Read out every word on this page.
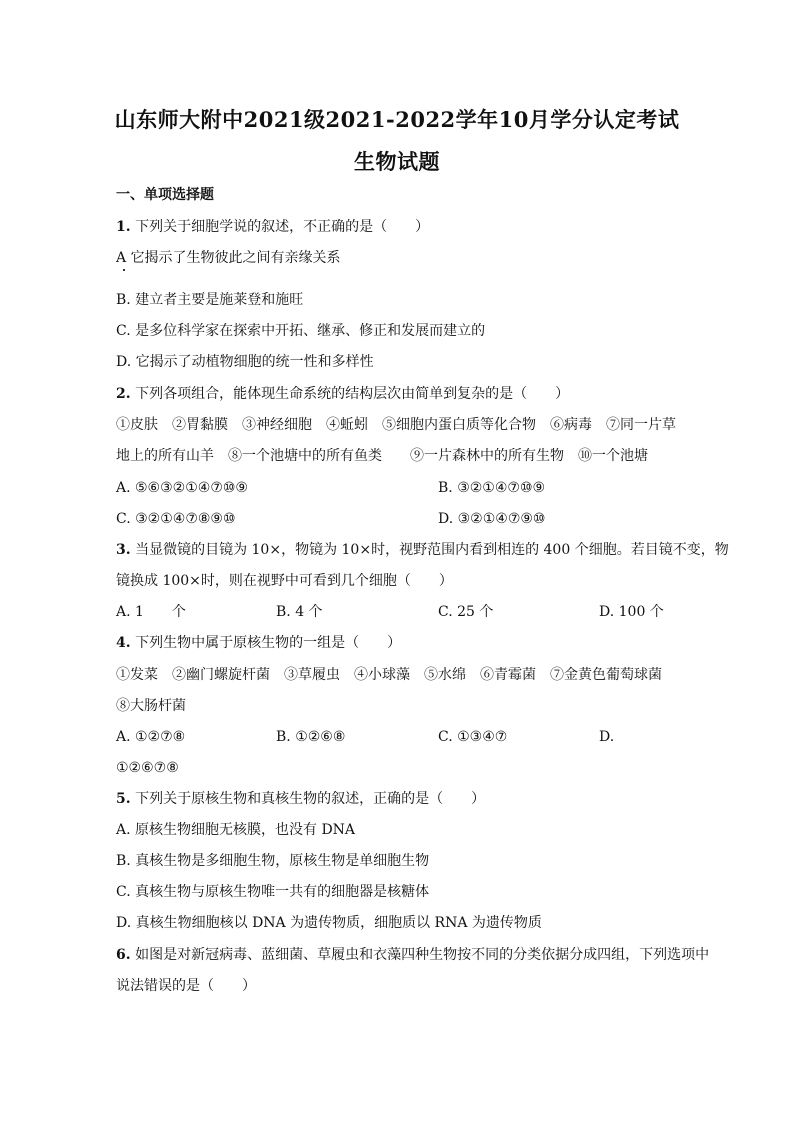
山东师大附中2021级2021-2022学年10月学分认定考试
生物试题
一、单项选择题
1. 下列关于细胞学说的叙述，不正确的是（　　）
A 它揭示了生物彼此之间有亲缘关系
B. 建立者主要是施莱登和施旺
C. 是多位科学家在探索中开拓、继承、修正和发展而建立的
D. 它揭示了动植物细胞的统一性和多样性
2. 下列各项组合，能体现生命系统的结构层次由简单到复杂的是（　　）
①皮肤　②胃黏膜　③神经细胞　④蚯蚓　⑤细胞内蛋白质等化合物　⑥病毒　⑦同一片草
地上的所有山羊　⑧一个池塘中的所有鱼类　　⑨一片森林中的所有生物　⑩一个池塘
A. ⑤⑥③②①④⑦⑩⑨	B. ③②①④⑦⑩⑨
C. ③②①④⑦⑧⑨⑩	D. ③②①④⑦⑨⑩
3. 当显微镜的目镜为 10×，物镜为 10×时，视野范围内看到相连的 400 个细胞。若目镜不变，物
镜换成 100×时，则在视野中可看到几个细胞（　　）
A. 1　　个	B. 4 个	C. 25 个	D. 100 个
4. 下列生物中属于原核生物的一组是（　　）
①发菜　②幽门螺旋杆菌　③草履虫　④小球藻　⑤水绵　⑥青霉菌　⑦金黄色葡萄球菌
⑧大肠杆菌
A. ①②⑦⑧	B. ①②⑥⑧	C. ①③④⑦	D.
①②⑥⑦⑧
5. 下列关于原核生物和真核生物的叙述，正确的是（　　）
A. 原核生物细胞无核膜，也没有 DNA
B. 真核生物是多细胞生物，原核生物是单细胞生物
C. 真核生物与原核生物唯一共有的细胞器是核糖体
D. 真核生物细胞核以 DNA 为遗传物质，细胞质以 RNA 为遗传物质
6. 如图是对新冠病毒、蓝细菌、草履虫和衣藻四种生物按不同的分类依据分成四组，下列选项中
说法错误的是（　　）
